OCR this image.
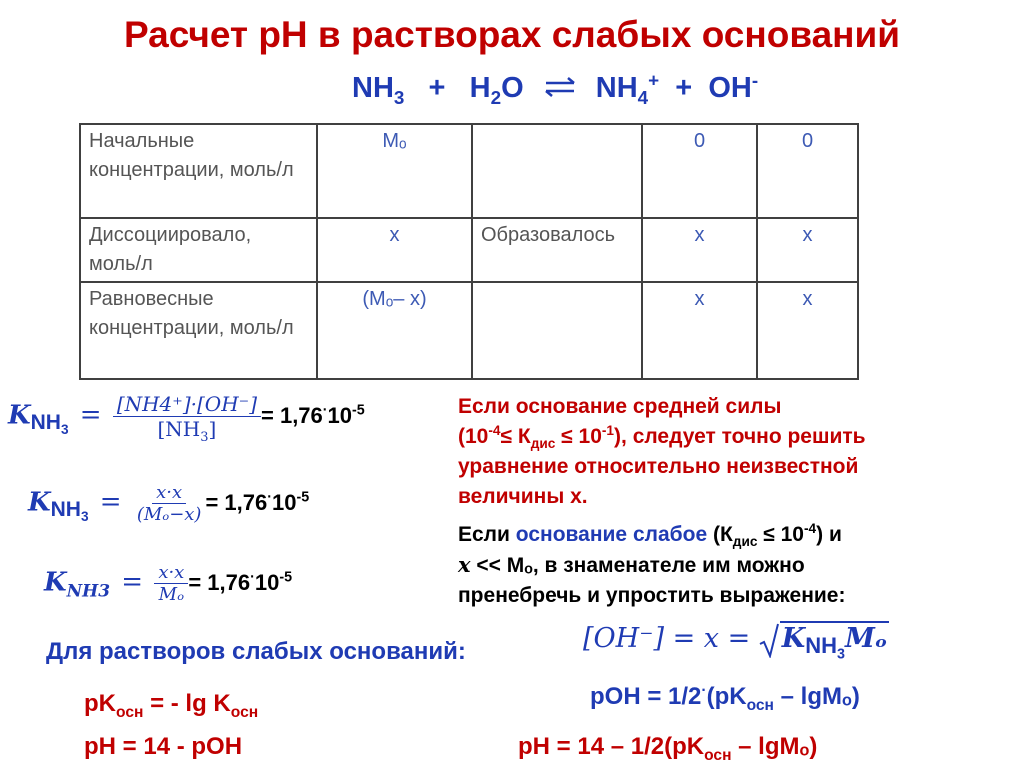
Расчет pH в растворах слабых оснований
$NH_3 + H_2O$ ⇌ $NH_4^+ + OH^-$
Начальные концентрации, моль/л	Mₒ		0	0
Диссоциировало, моль/л	x	Образовалось	x	x
Равновесные концентрации, моль/л	(Mₒ– x)		x	x
$K_{NH_3} = \frac{[NH4^+]\cdot[OH^-]}{[NH_3]} = 1,76^\cdot 10^{-5}$
$K_{NH_3} = \frac{x\cdot x}{\text{(Mₒ−x)}} = 1,76^\cdot 10^{-5}$
$K_{NH3} = \frac{x\cdot x}{\text{Mₒ}} = 1,76^\cdot 10^{-5}$
Если основание средней силы
$(10^{-4}\le К_{дис} \le 10^{-1})$, следует точно решить
уравнение относительно неизвестной
величины x.
Если основание слабое $(К_{дис} \le 10^{-4})$ и
x << Mₒ, в знаменателе им можно
пренебречь и упростить выражение:
$[OH^-] = x = K_{NH_3}M_o$
Для растворов слабых оснований:
$pK_{осн}$ = - $\lg K_{осн}$
pH = 14 - pOH
pOH = $1/2^\cdot(pK_{осн} - \lg M_o)$
pH = $14 - 1/2(pK_{осн} - \lg M_o)$
